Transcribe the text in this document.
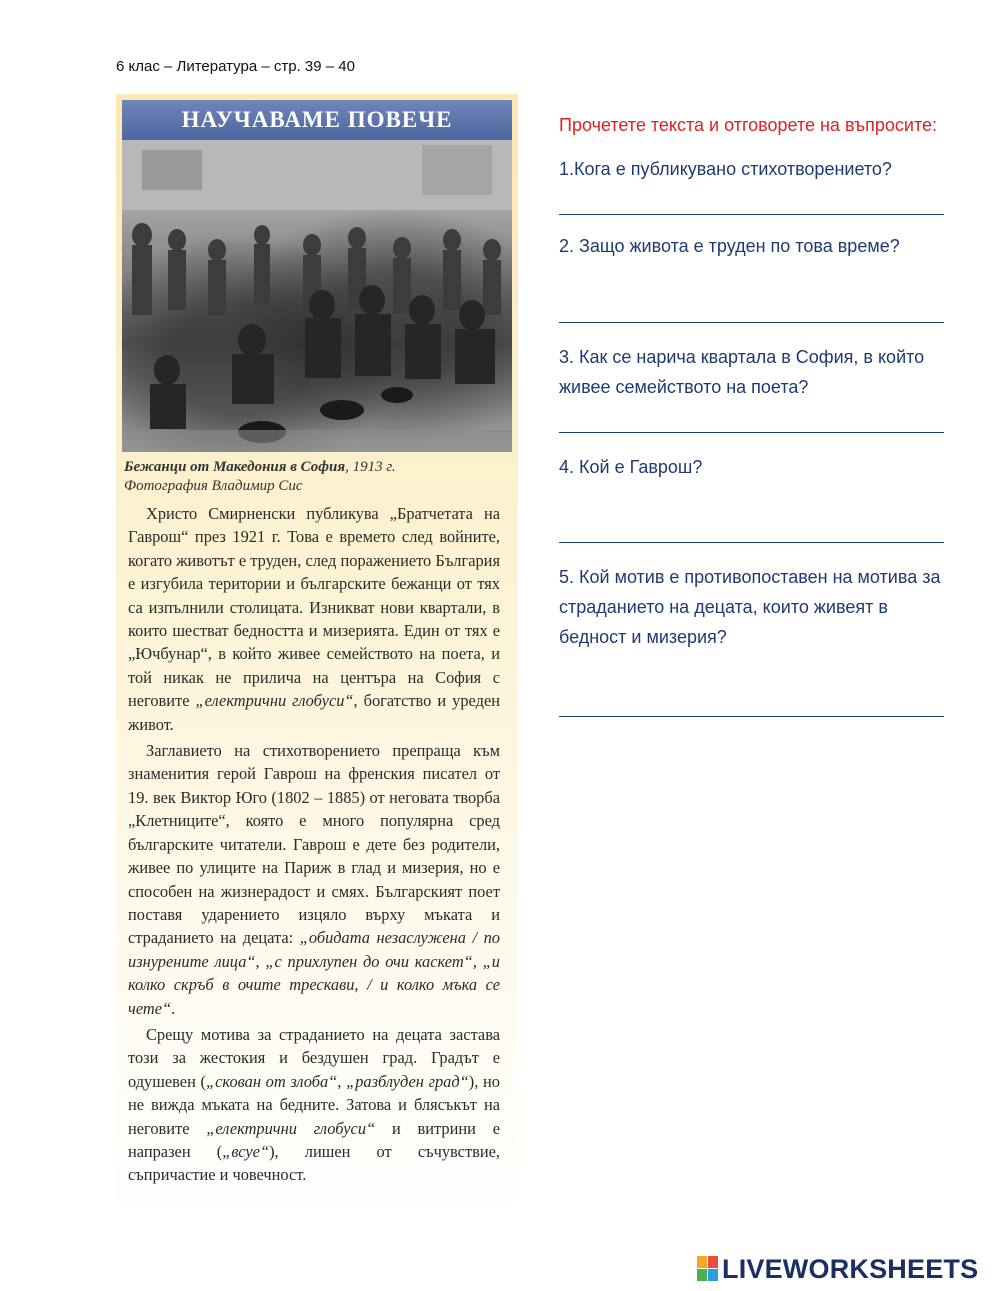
6 клас – Литература – стр. 39 – 40
НАУЧАВАМЕ ПОВЕЧЕ
Бежанци от Македония в София, 1913 г.
Фотография Владимир Сис

Христо Смирненски публикува „Братчетата на Гаврош“ през 1921 г. Това е времето след войните, когато животът е труден, след поражението България е изгубила територии и българските бежанци от тях са изпълнили столицата. Изникват нови квартали, в които шестват бедността и мизерията. Един от тях е „Ючбунар“, в който живее семейството на поета, и той никак не прилича на центъра на София с неговите „електрични глобуси“, богатство и уреден живот.

Заглавието на стихотворението препраща към знаменития герой Гаврош на френския писател от 19. век Виктор Юго (1802 – 1885) от неговата творба „Клетниците“, която е много популярна сред българските читатели. Гаврош е дете без родители, живее по улиците на Париж в глад и мизерия, но е способен на жизнерадост и смях. Българският поет поставя ударението изцяло върху мъката и страданието на децата: „обидата незаслужена / по изнурените лица“, „с прихлупен до очи каскет“, „и колко скръб в очите трескави, / и колко мъка се чете“.

Срещу мотива за страданието на децата застава този за жестокия и бездушен град. Градът е одушевен („скован от злоба“, „разблуден град“), но не вижда мъката на бедните. Затова и блясъкът на неговите „електрични глобуси“ и витрини е напразен („всуе“), лишен от съчувствие, съпричастие и човечност.

Прочетете текста и отговорете на въпросите:
1.Кога е публикувано стихотворението?
2. Защо живота е труден по това време?
3. Как се нарича квартала в София, в който живее семейството на поета?
4. Кой е Гаврош?
5. Кой мотив е противопоставен на мотива за страданието на децата, които живеят в бедност и мизерия?
LIVEWORKSHEETS
